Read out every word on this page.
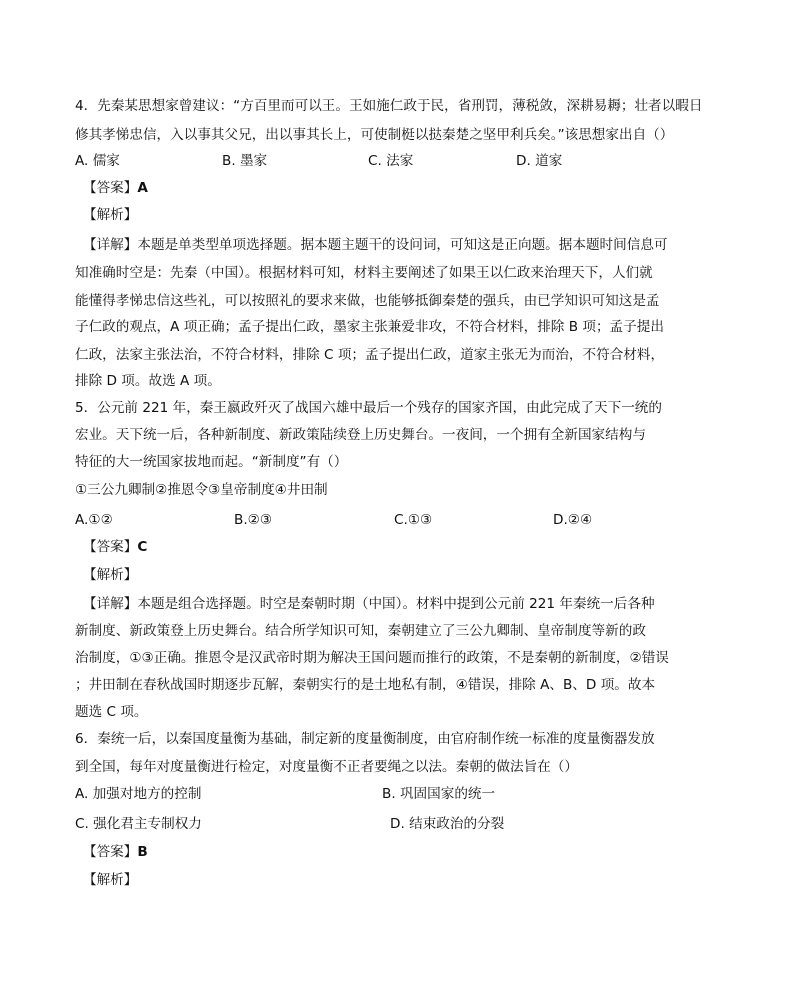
4．先秦某思想家曾建议：“方百里而可以王。王如施仁政于民，省刑罚，薄税敛，深耕易耨；壮者以暇日
修其孝悌忠信，入以事其父兄，出以事其长上，可使制梃以挞秦楚之坚甲利兵矣。”该思想家出自（）
A. 儒家	B. 墨家	C. 法家	D. 道家
【答案】A
【解析】
【详解】本题是单类型单项选择题。据本题主题干的设问词，可知这是正向题。据本题时间信息可
知准确时空是：先秦（中国）。根据材料可知，材料主要阐述了如果王以仁政来治理天下，人们就
能懂得孝悌忠信这些礼，可以按照礼的要求来做，也能够抵御秦楚的强兵，由已学知识可知这是孟
子仁政的观点，A 项正确；孟子提出仁政，墨家主张兼爱非攻，不符合材料，排除 B 项；孟子提出
仁政，法家主张法治，不符合材料，排除 C 项；孟子提出仁政，道家主张无为而治，不符合材料，
排除 D 项。故选 A 项。
5．公元前 221 年，秦王嬴政歼灭了战国六雄中最后一个残存的国家齐国，由此完成了天下一统的
宏业。天下统一后，各种新制度、新政策陆续登上历史舞台。一夜间，一个拥有全新国家结构与
特征的大一统国家拔地而起。“新制度”有（）
①三公九卿制②推恩令③皇帝制度④井田制
A.①②	B.②③	C.①③	D.②④
【答案】C
【解析】
【详解】本题是组合选择题。时空是秦朝时期（中国）。材料中提到公元前 221 年秦统一后各种
新制度、新政策登上历史舞台。结合所学知识可知，秦朝建立了三公九卿制、皇帝制度等新的政
治制度，①③正确。推恩令是汉武帝时期为解决王国问题而推行的政策，不是秦朝的新制度，②错误
；井田制在春秋战国时期逐步瓦解，秦朝实行的是土地私有制，④错误，排除 A、B、D 项。故本
题选 C 项。
6．秦统一后，以秦国度量衡为基础，制定新的度量衡制度，由官府制作统一标准的度量衡器发放
到全国，每年对度量衡进行检定，对度量衡不正者要绳之以法。秦朝的做法旨在（）
A. 加强对地方的控制	B. 巩固国家的统一
C. 强化君主专制权力	D. 结束政治的分裂
【答案】B
【解析】
